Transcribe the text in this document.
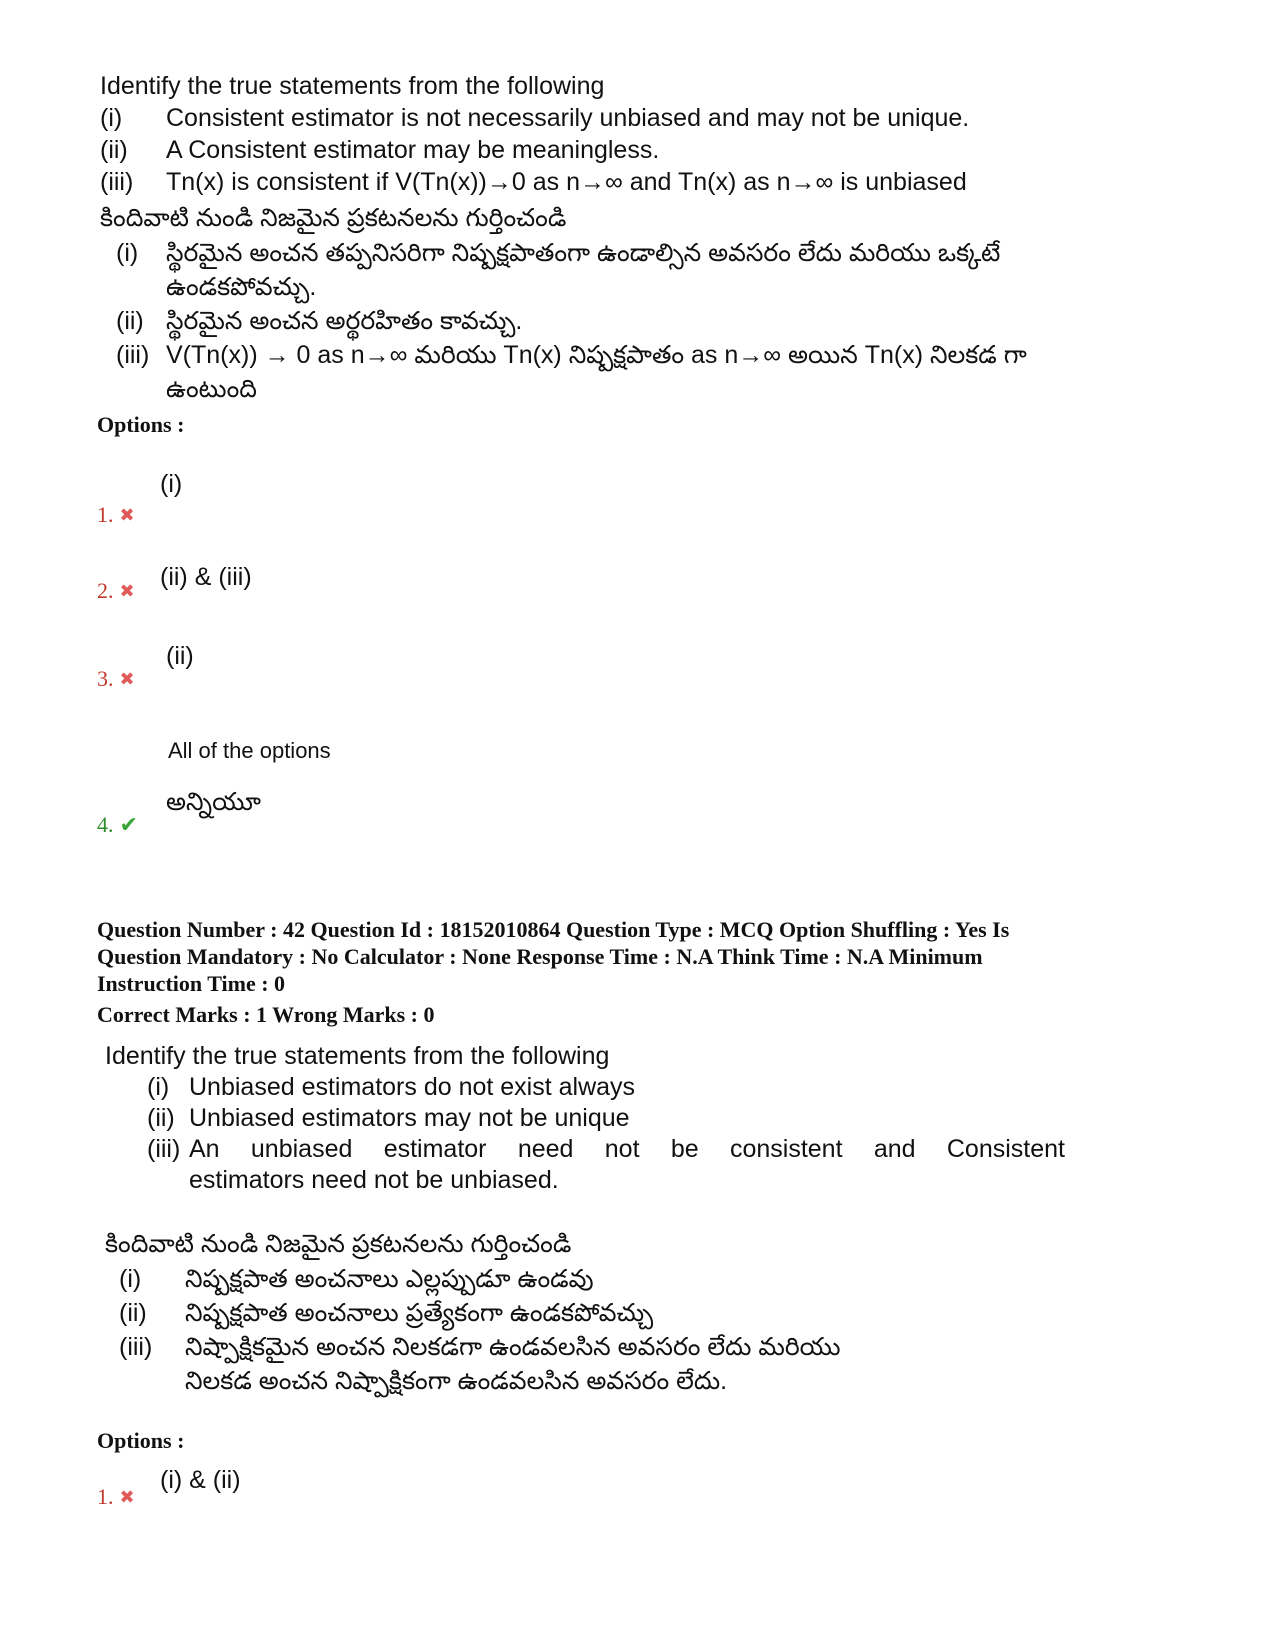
Identify the true statements from the following
(i)	Consistent estimator is not necessarily unbiased and may not be unique.
(ii)	A Consistent estimator may be meaningless.
(iii)	Tn(x) is consistent if V(Tn(x))→0 as n→∞ and Tn(x) as n→∞ is unbiased
కిందివాటి నుండి నిజమైన ప్రకటనలను గుర్తించండి
(i)	స్థిరమైన అంచన తప్పనిసరిగా నిష్పక్షపాతంగా ఉండాల్సిన అవసరం లేదు మరియు ఒక్కటే ఉండకపోవచ్చు.
(ii) స్థిరమైన అంచన అర్థరహితం కావచ్చు.
(iii) V(Tn(x)) → 0 as n→∞ మరియు Tn(x) నిష్పక్షపాతం as n→∞ అయిన Tn(x) నిలకడ గా ఉంటుంది
Options :
(i)
1. ✖
(ii) & (iii)
2. ✖
(ii)
3. ✖
All of the options
అన్నియూ
4. ✔
Question Number : 42 Question Id : 18152010864 Question Type : MCQ Option Shuffling : Yes Is
Question Mandatory : No Calculator : None Response Time : N.A Think Time : N.A Minimum
Instruction Time : 0
Correct Marks : 1 Wrong Marks : 0
Identify the true statements from the following
(i) Unbiased estimators do not exist always
(ii) Unbiased estimators may not be unique
(iii) An unbiased estimator need not be consistent and Consistent
estimators need not be unbiased.
కిందివాటి నుండి నిజమైన ప్రకటనలను గుర్తించండి
(i)	నిష్పక్షపాత అంచనాలు ఎల్లప్పుడూ ఉండవు
(ii)	నిష్పక్షపాత అంచనాలు ప్రత్యేకంగా ఉండకపోవచ్చు
(iii)	నిష్పాక్షికమైన అంచన నిలకడగా ఉండవలసిన అవసరం లేదు మరియు
నిలకడ అంచన నిష్పాక్షికంగా ఉండవలసిన అవసరం లేదు.
Options :
(i) & (ii)
1. ✖
